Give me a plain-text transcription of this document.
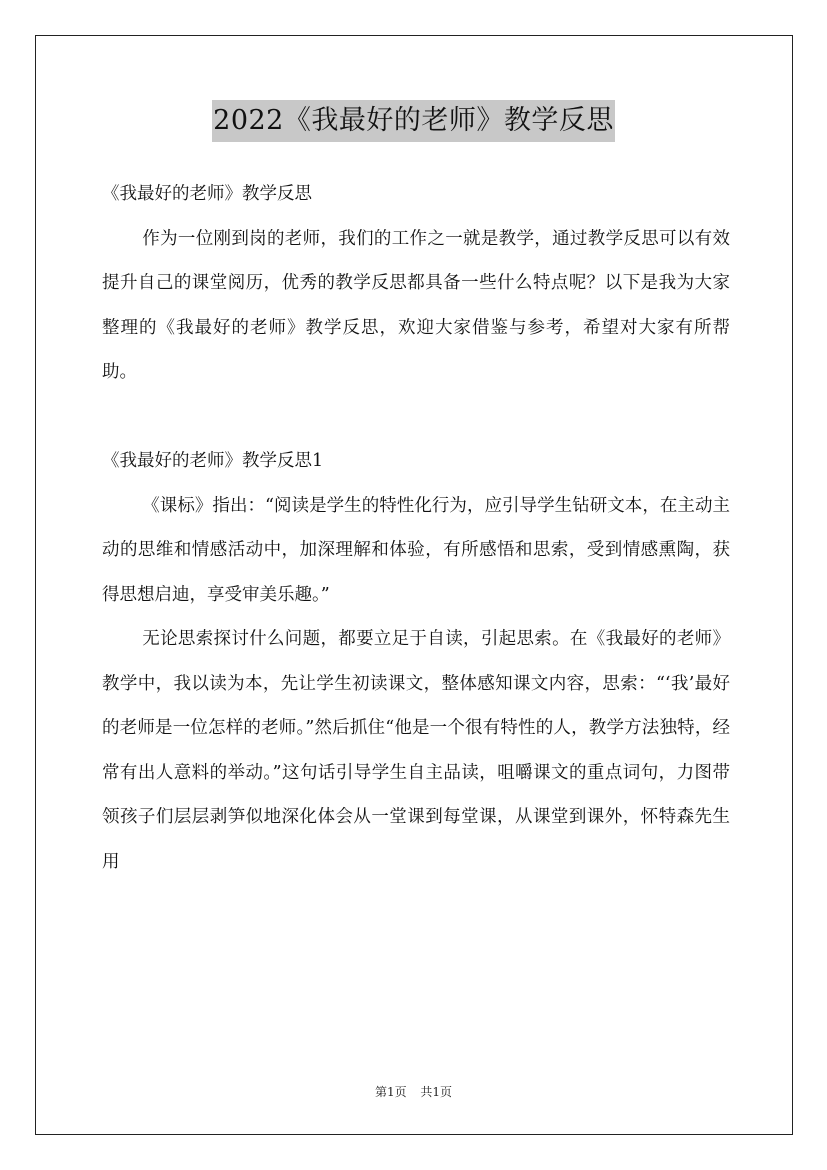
2022《我最好的老师》教学反思

《我最好的老师》教学反思

作为一位刚到岗的老师，我们的工作之一就是教学，通过教学反思可以有效提升自己的课堂阅历，优秀的教学反思都具备一些什么特点呢？以下是我为大家整理的《我最好的老师》教学反思，欢迎大家借鉴与参考，希望对大家有所帮助。

《我最好的老师》教学反思1

《课标》指出：“阅读是学生的特性化行为，应引导学生钻研文本，在主动主动的思维和情感活动中，加深理解和体验，有所感悟和思索，受到情感熏陶，获得思想启迪，享受审美乐趣。”

无论思索探讨什么问题，都要立足于自读，引起思索。在《我最好的老师》教学中，我以读为本，先让学生初读课文，整体感知课文内容，思索：“‘我’最好的老师是一位怎样的老师。”然后抓住“他是一个很有特性的人，教学方法独特，经常有出人意料的举动。”这句话引导学生自主品读，咀嚼课文的重点词句，力图带领孩子们层层剥笋似地深化体会从一堂课到每堂课，从课堂到课外，怀特森先生用

第1页 共1页
